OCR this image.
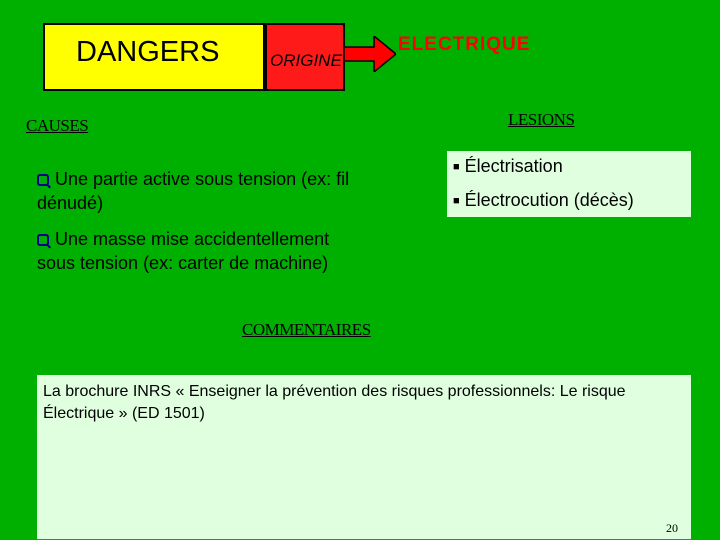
DANGERS	ORIGINE
ELECTRIQUE
CAUSES	LESIONS
COMMENTAIRES
Une partie active sous tension (ex: fil dénudé)
Une masse mise accidentellement sous tension (ex: carter de machine)
■ Électrisation
■ Électrocution (décès)
La brochure INRS « Enseigner la prévention des risques professionnels: Le risque Électrique » (ED 1501)
20
